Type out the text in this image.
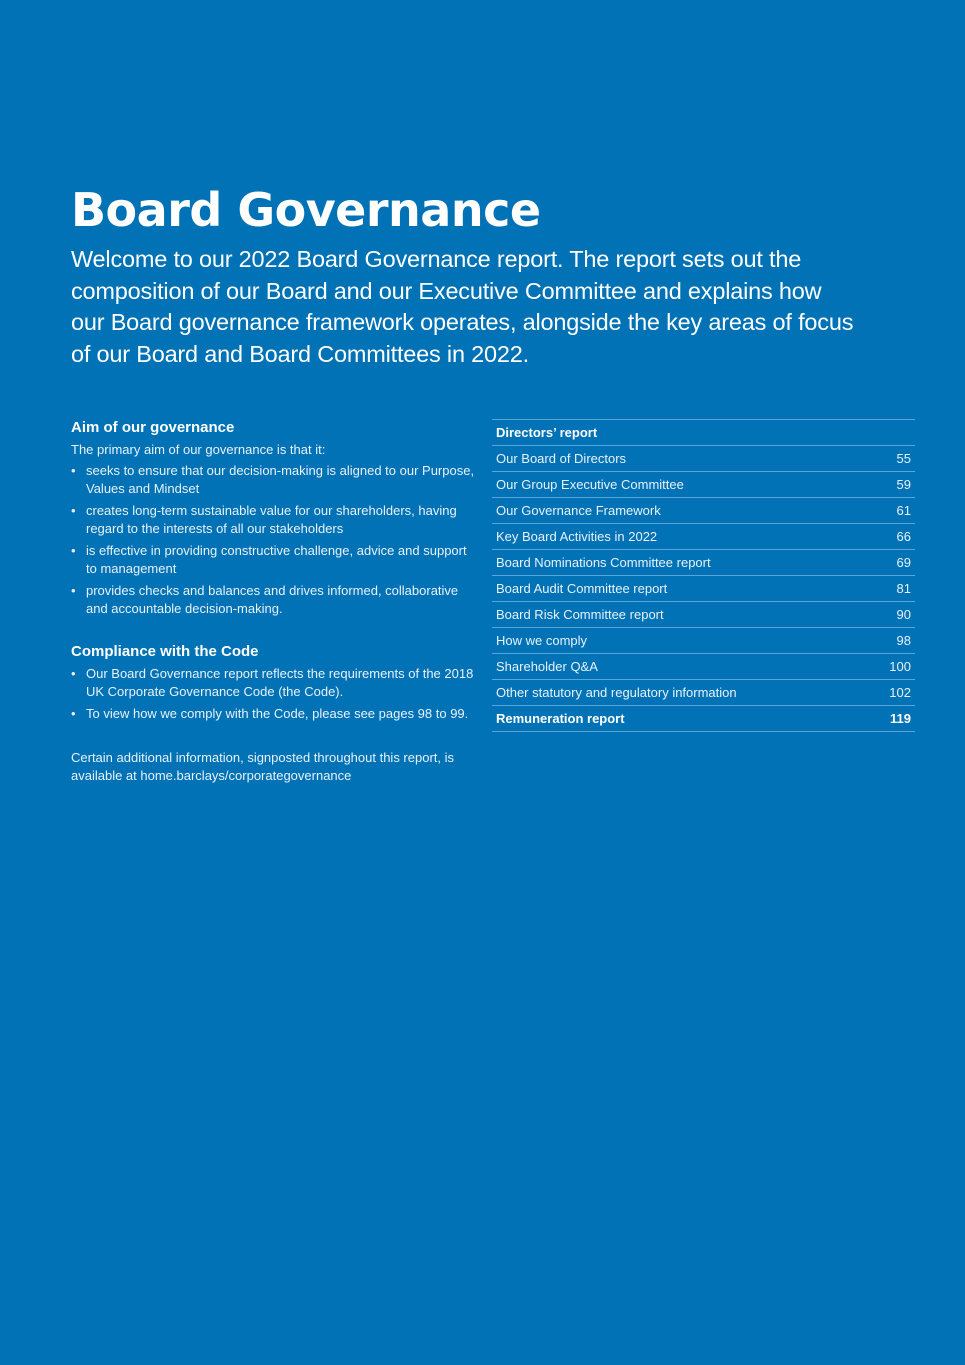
Board Governance

Welcome to our 2022 Board Governance report. The report sets out the composition of our Board and our Executive Committee and explains how our Board governance framework operates, alongside the key areas of focus of our Board and Board Committees in 2022.

Aim of our governance
The primary aim of our governance is that it:
• seeks to ensure that our decision-making is aligned to our Purpose, Values and Mindset
• creates long-term sustainable value for our shareholders, having regard to the interests of all our stakeholders
• is effective in providing constructive challenge, advice and support to management
• provides checks and balances and drives informed, collaborative and accountable decision-making.
Compliance with the Code
• Our Board Governance report reflects the requirements of the 2018 UK Corporate Governance Code (the Code).
• To view how we comply with the Code, please see pages 98 to 99.
Certain additional information, signposted throughout this report, is available at home.barclays/corporategovernance
Directors’ report
Our Board of Directors	55
Our Group Executive Committee	59
Our Governance Framework	61
Key Board Activities in 2022	66
Board Nominations Committee report	69
Board Audit Committee report	81
Board Risk Committee report	90
How we comply	98
Shareholder Q&A	100
Other statutory and regulatory information	102
Remuneration report	119
